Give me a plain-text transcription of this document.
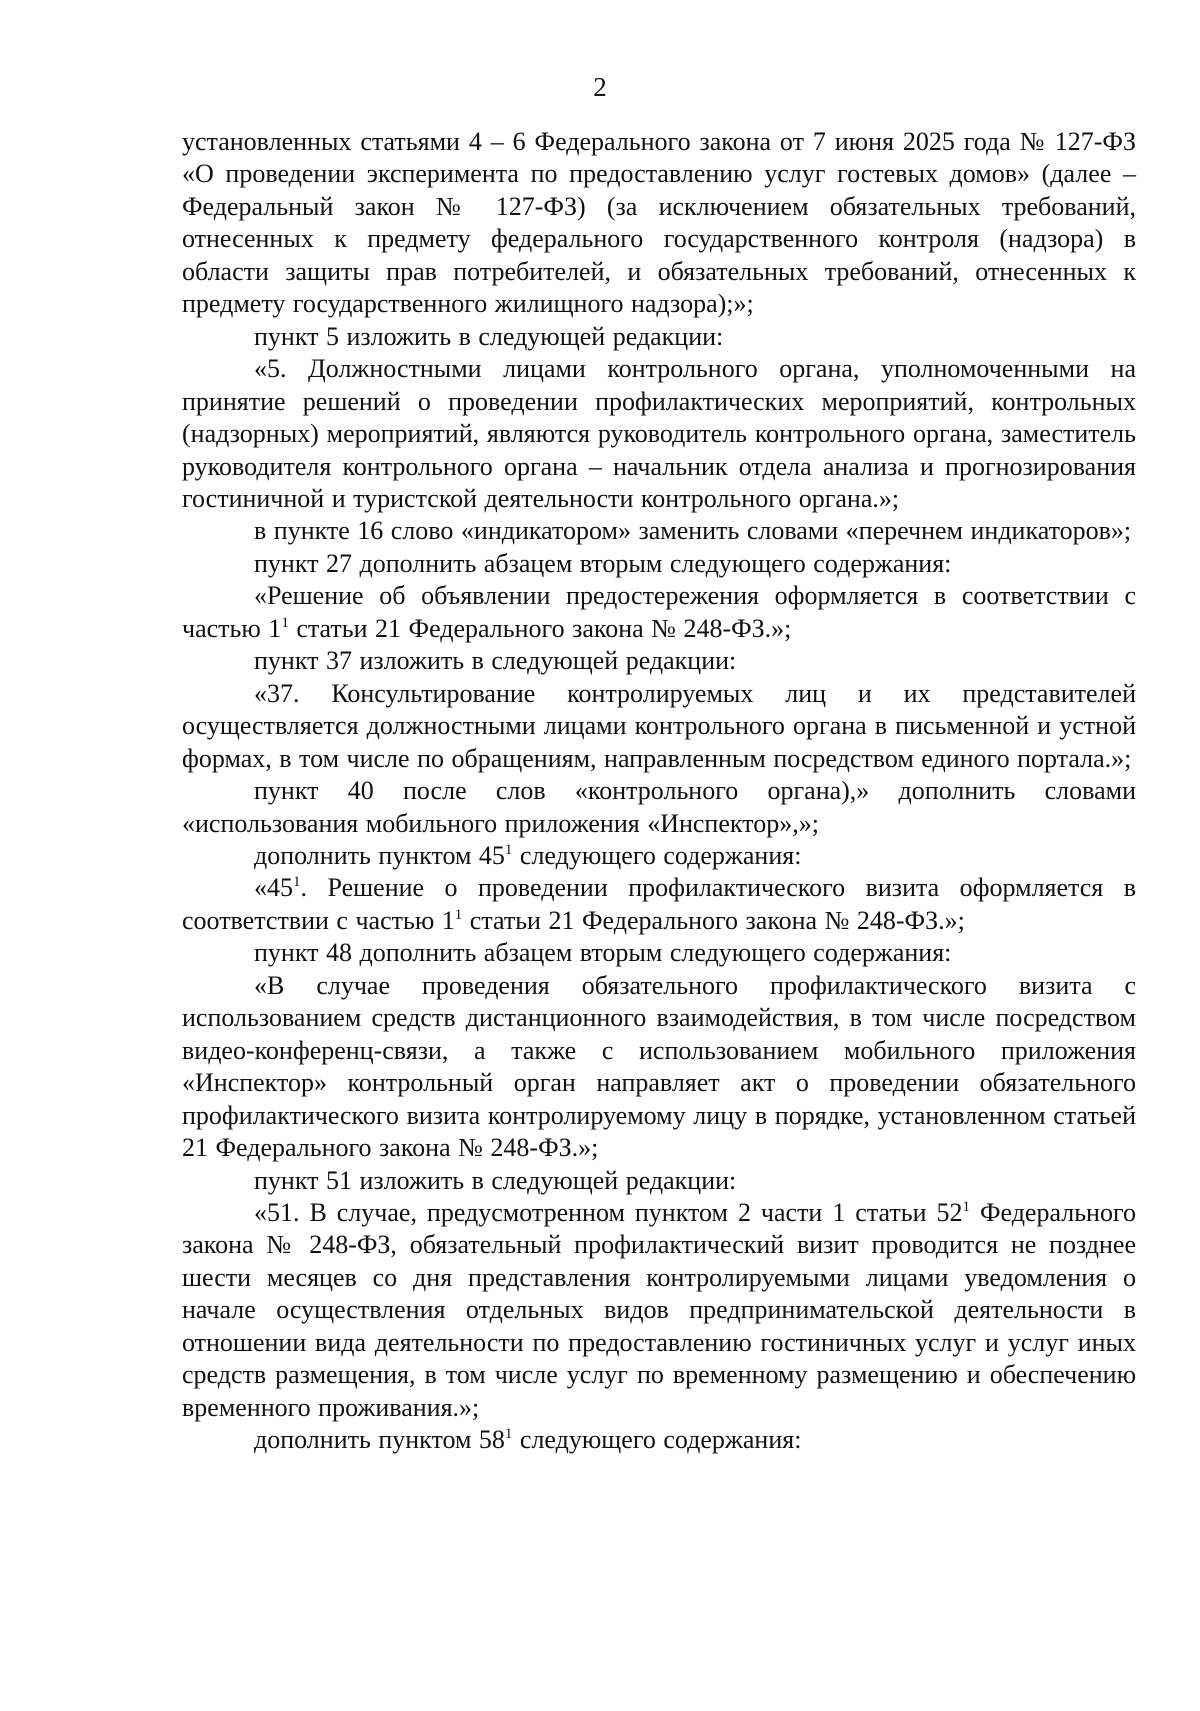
2

установленных статьями 4 – 6 Федерального закона от 7 июня 2025 года № 127-ФЗ «О проведении эксперимента по предоставлению услуг гостевых домов» (далее – Федеральный закон № 127-ФЗ) (за исключением обязательных требований, отнесенных к предмету федерального государственного контроля (надзора) в области защиты прав потребителей, и обязательных требований, отнесенных к предмету государственного жилищного надзора);»;

пункт 5 изложить в следующей редакции:

«5. Должностными лицами контрольного органа, уполномоченными на принятие решений о проведении профилактических мероприятий, контрольных (надзорных) мероприятий, являются руководитель контрольного органа, заместитель руководителя контрольного органа – начальник отдела анализа и прогнозирования гостиничной и туристской деятельности контрольного органа.»;

в пункте 16 слово «индикатором» заменить словами «перечнем индикаторов»;

пункт 27 дополнить абзацем вторым следующего содержания:

«Решение об объявлении предостережения оформляется в соответствии с частью $1^1$ статьи 21 Федерального закона № 248-ФЗ.»;

пункт 37 изложить в следующей редакции:

«37. Консультирование контролируемых лиц и их представителей осуществляется должностными лицами контрольного органа в письменной и устной формах, в том числе по обращениям, направленным посредством единого портала.»;

пункт 40 после слов «контрольного органа),» дополнить словами «использования мобильного приложения «Инспектор»,»;

дополнить пунктом $45^1$ следующего содержания:

«$45^1$. Решение о проведении профилактического визита оформляется в соответствии с частью $1^1$ статьи 21 Федерального закона № 248-ФЗ.»;

пункт 48 дополнить абзацем вторым следующего содержания:

«В случае проведения обязательного профилактического визита с использованием средств дистанционного взаимодействия, в том числе посредством видео-конференц-связи, а также с использованием мобильного приложения «Инспектор» контрольный орган направляет акт о проведении обязательного профилактического визита контролируемому лицу в порядке, установленном статьей 21 Федерального закона № 248-ФЗ.»;

пункт 51 изложить в следующей редакции:

«51. В случае, предусмотренном пунктом 2 части 1 статьи $52^1$ Федерального закона № 248-ФЗ, обязательный профилактический визит проводится не позднее шести месяцев со дня представления контролируемыми лицами уведомления о начале осуществления отдельных видов предпринимательской деятельности в отношении вида деятельности по предоставлению гостиничных услуг и услуг иных средств размещения, в том числе услуг по временному размещению и обеспечению временного проживания.»;

дополнить пунктом $58^1$ следующего содержания:
